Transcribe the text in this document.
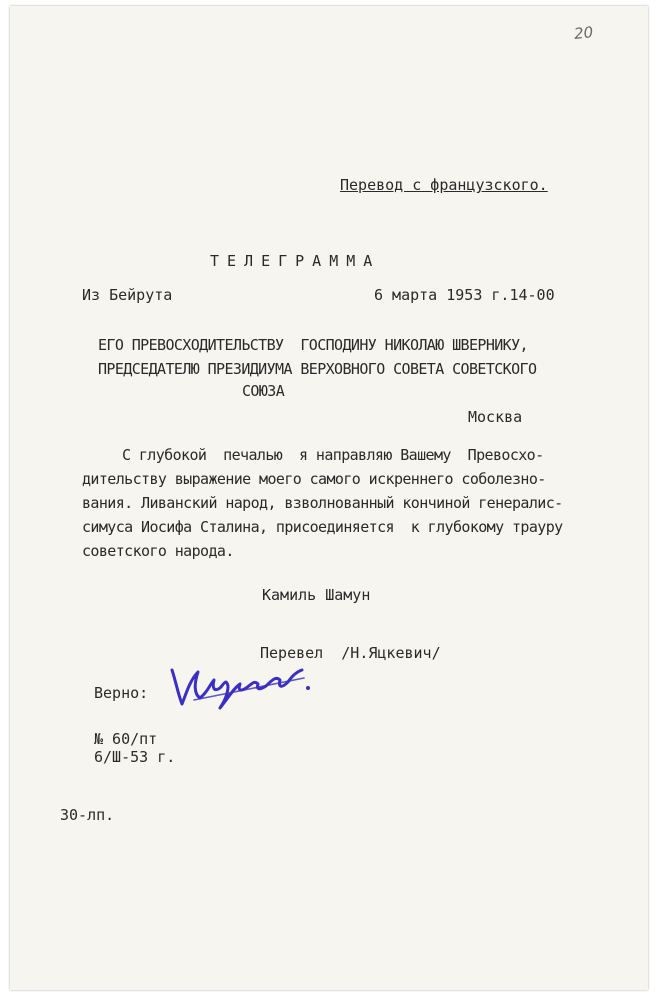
20
Перевод с французского.
ТЕЛЕГРАММА
Из Бейрута	6 марта 1953 г.14-00
ЕГО ПРЕВОСХОДИТЕЛЬСТВУ  ГОСПОДИНУ НИКОЛАЮ ШВЕРНИКУ,
ПРЕДСЕДАТЕЛЮ ПРЕЗИДИУМА ВЕРХОВНОГО СОВЕТА СОВЕТСКОГО
СОЮЗА
Москва
С глубокой  печалью  я направляю Вашему  Превосхо-
дительству выражение моего самого искреннего соболезно-
вания. Ливанский народ, взволнованный кончиной генералис-
симуса Иосифа Сталина, присоединяется  к глубокому трауру
советского народа.
Камиль Шамун
Перевел  /Н.Яцкевич/
Верно:
№ 60/пт
6/Ш-53 г.
30-лп.
